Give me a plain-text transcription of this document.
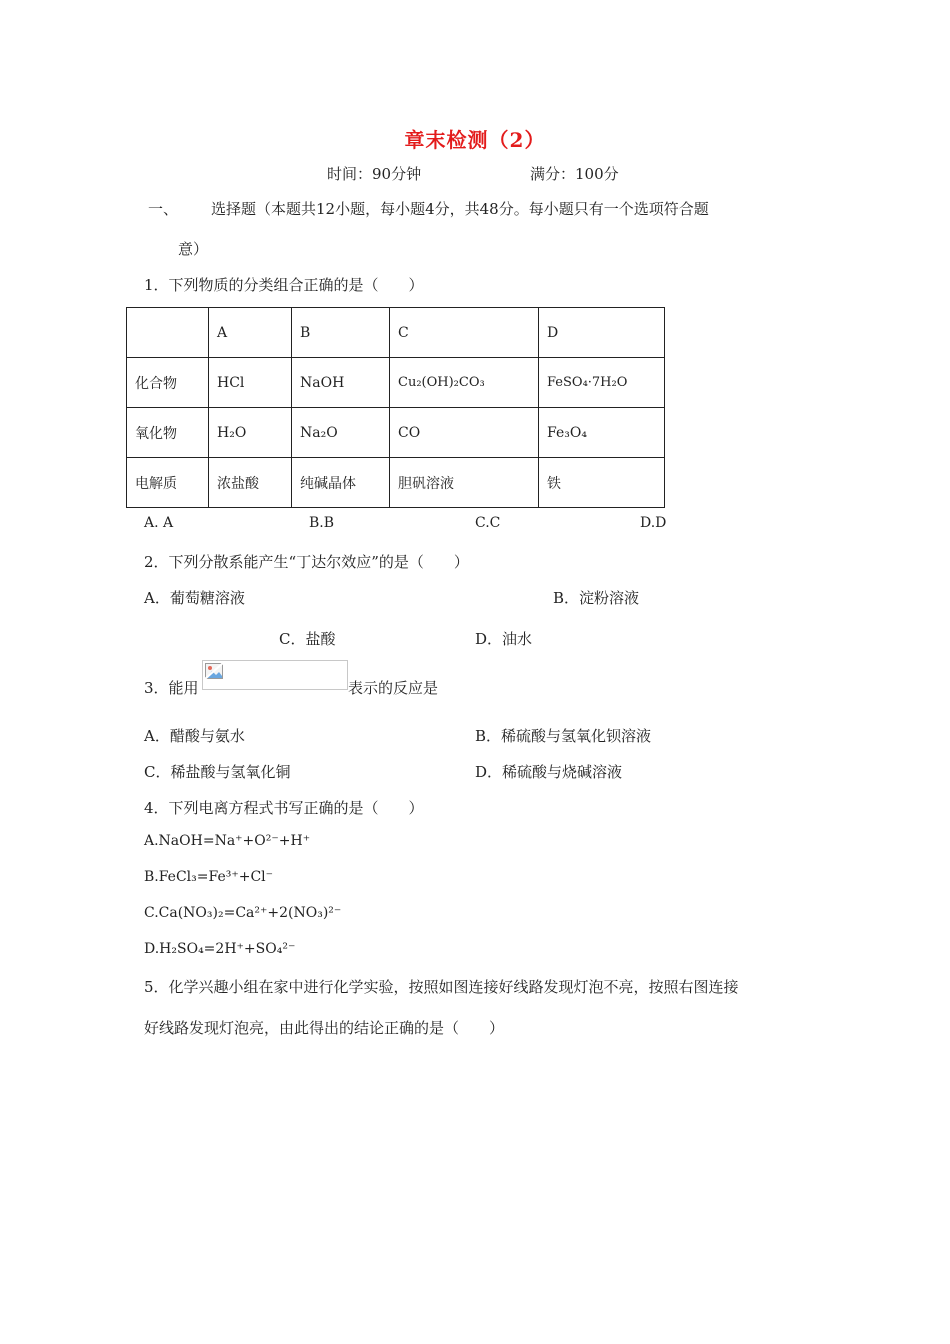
章末检测（2）
时间：90分钟	满分：100分
一、 选择题（本题共12小题，每小题4分，共48分。每小题只有一个选项符合题
意）
1．下列物质的分类组合正确的是（　　）
	A	B	C	D
化合物	HCl	NaOH	Cu₂(OH)₂CO₃	FeSO₄·7H₂O
氧化物	H₂O	Na₂O	CO	Fe₃O₄
电解质	浓盐酸	纯碱晶体	胆矾溶液	铁
A. A	B.B	C.C	D.D
2．下列分散系能产生“丁达尔效应”的是（　　）
A．葡萄糖溶液	B．淀粉溶液
C．盐酸	D．油水
3．能用	表示的反应是
A．醋酸与氨水	B．稀硫酸与氢氧化钡溶液
C．稀盐酸与氢氧化铜	D．稀硫酸与烧碱溶液
4．下列电离方程式书写正确的是（　　）
A.NaOH=Na⁺+O²⁻+H⁺
B.FeCl₃=Fe³⁺+Cl⁻
C.Ca(NO₃)₂=Ca²⁺+2(NO₃)²⁻
D.H₂SO₄=2H⁺+SO₄²⁻
5．化学兴趣小组在家中进行化学实验，按照如图连接好线路发现灯泡不亮，按照右图连接
好线路发现灯泡亮，由此得出的结论正确的是（　　）
